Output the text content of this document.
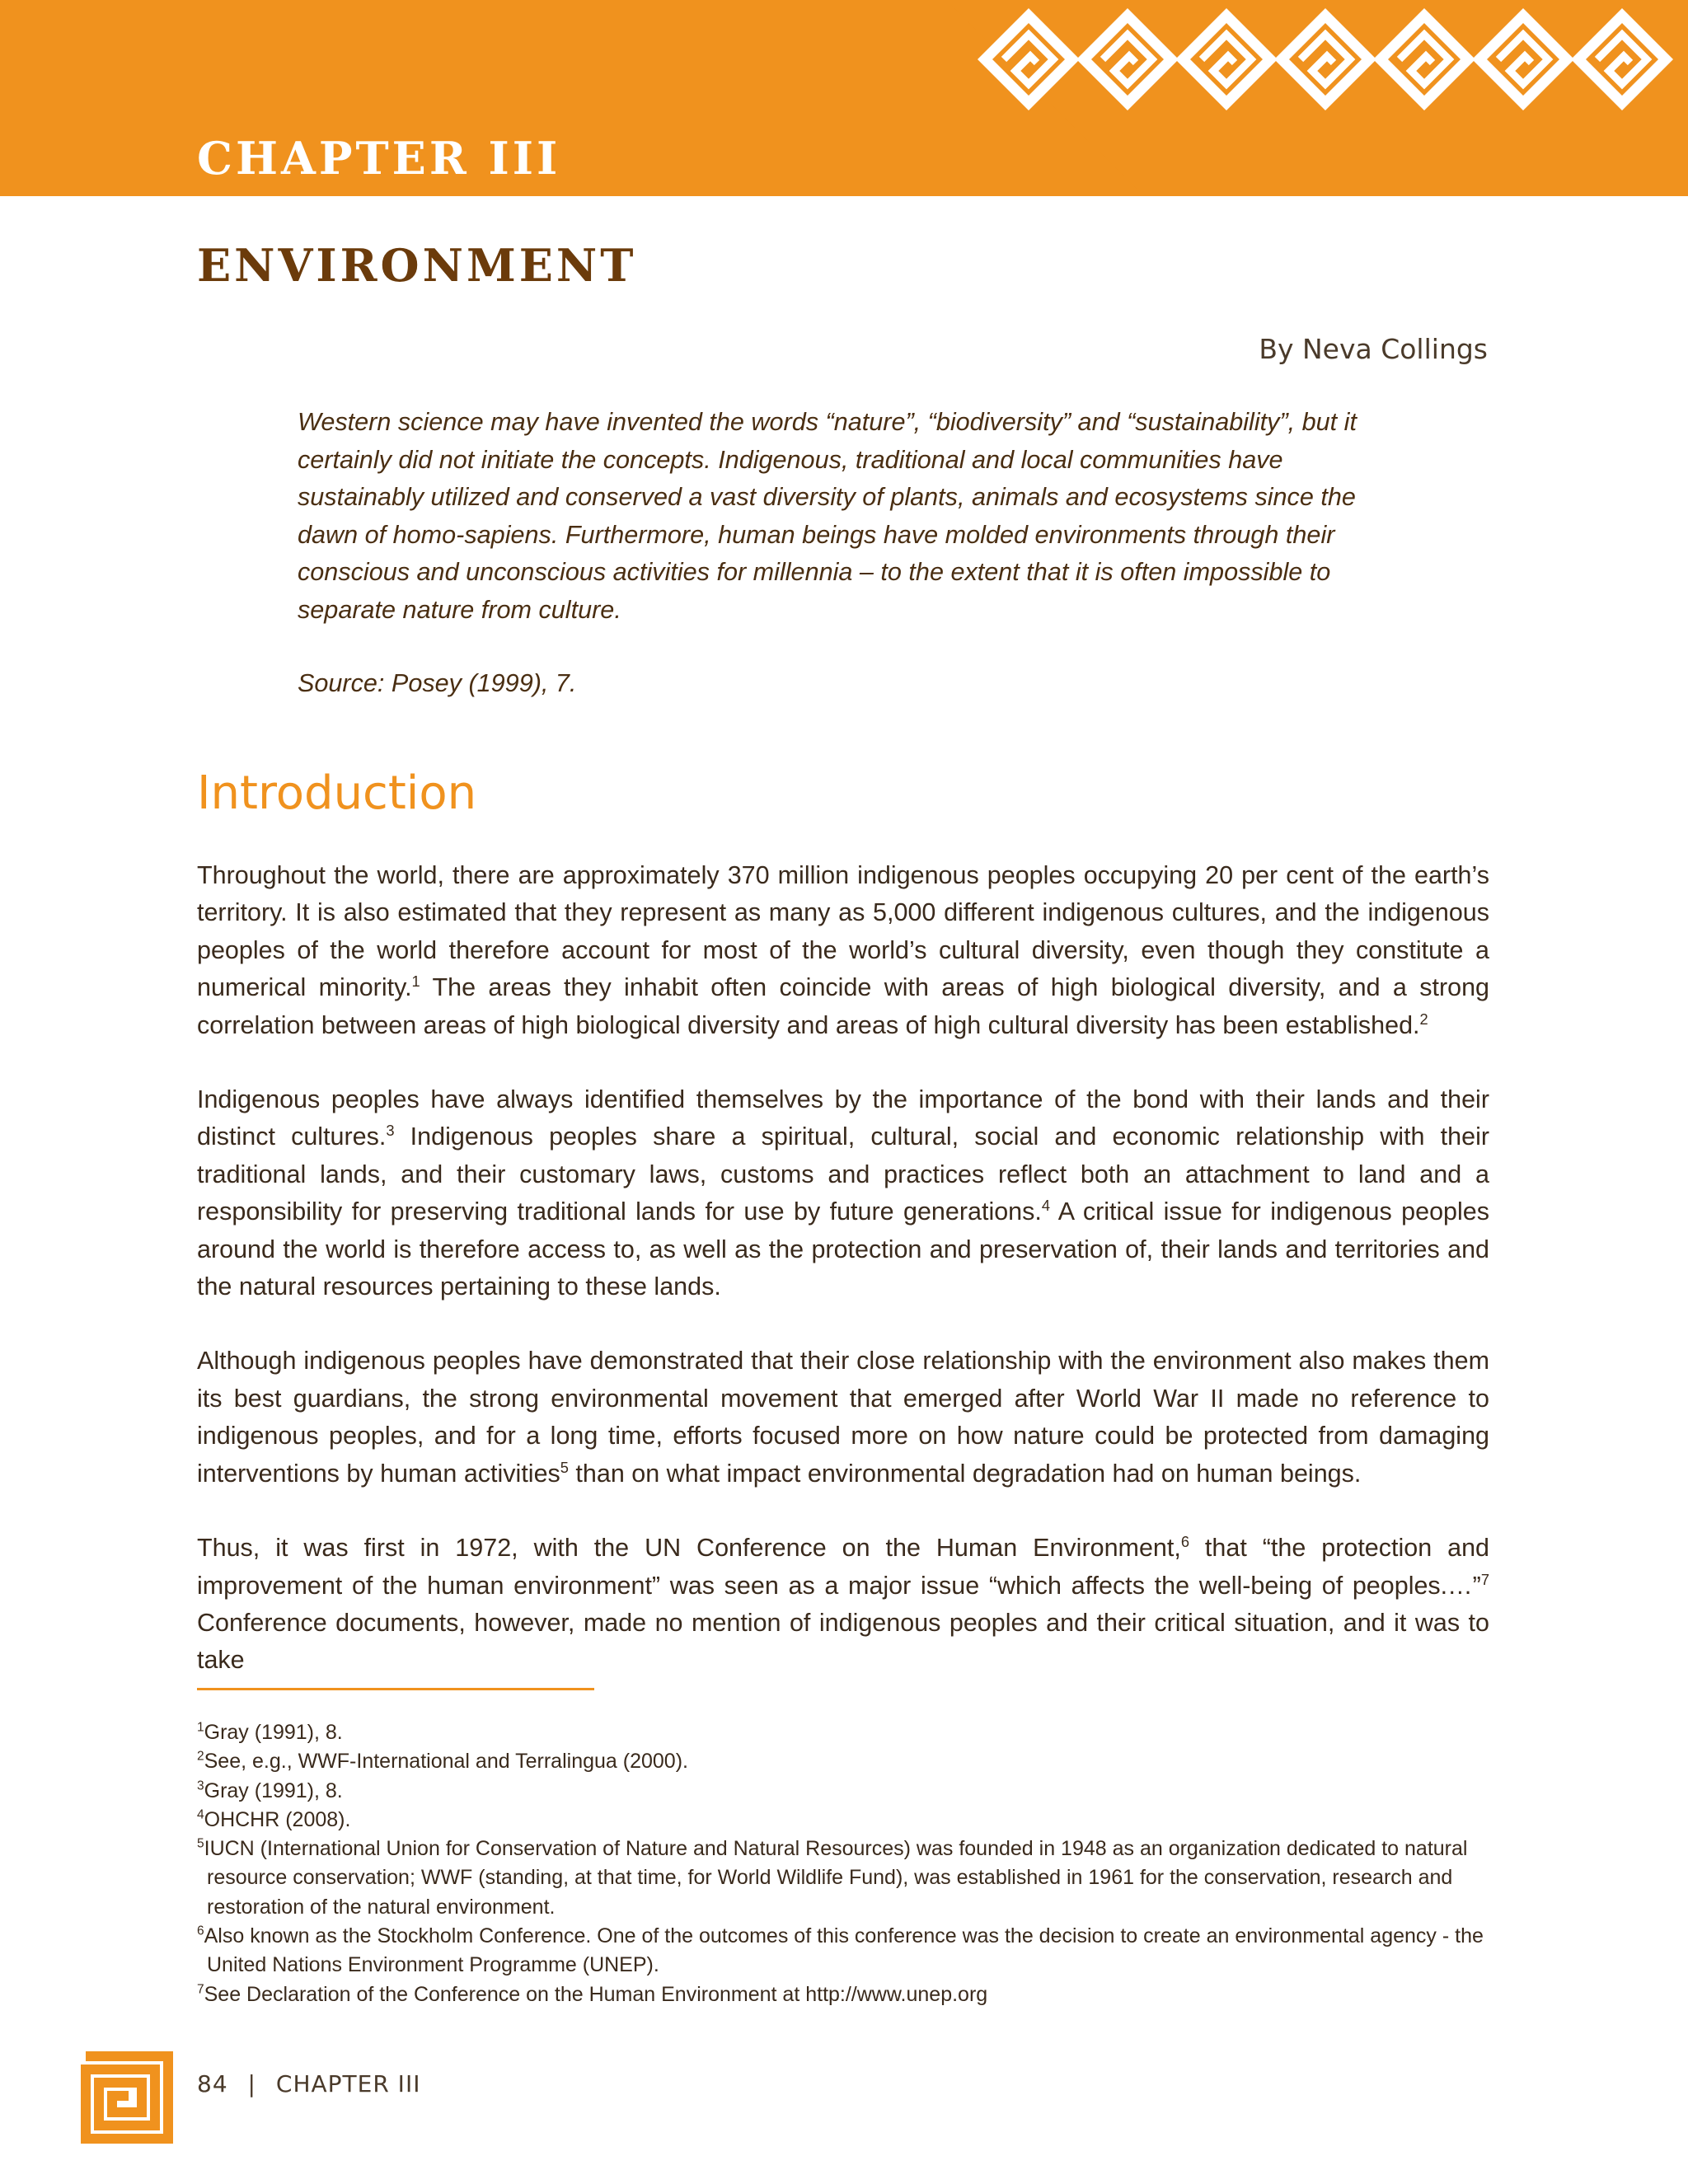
CHAPTER III
ENVIRONMENT
By Neva Collings
Western science may have invented the words “nature”, “biodiversity” and “sustainability”, but it certainly did not initiate the concepts. Indigenous, traditional and local communities have sustainably utilized and conserved a vast diversity of plants, animals and ecosystems since the dawn of homo-sapiens. Furthermore, human beings have molded environments through their conscious and unconscious activities for millennia – to the extent that it is often impossible to separate nature from culture.
Source: Posey (1999), 7.
Introduction

Throughout the world, there are approximately 370 million indigenous peoples occupying 20 per cent of the earth’s territory. It is also estimated that they represent as many as 5,000 different indigenous cultures, and the indigenous peoples of the world therefore account for most of the world’s cultural diversity, even though they constitute a numerical minority.$^1$ The areas they inhabit often coincide with areas of high biological diversity, and a strong correlation between areas of high biological diversity and areas of high cultural diversity has been established.$^2$

Indigenous peoples have always identified themselves by the importance of the bond with their lands and their distinct cultures.$^3$ Indigenous peoples share a spiritual, cultural, social and economic relationship with their traditional lands, and their customary laws, customs and practices reflect both an attachment to land and a responsibility for preserving traditional lands for use by future generations.$^4$ A critical issue for indigenous peoples around the world is therefore access to, as well as the protection and preservation of, their lands and territories and the natural resources pertaining to these lands.

Although indigenous peoples have demonstrated that their close relationship with the environment also makes them its best guardians, the strong environmental movement that emerged after World War II made no reference to indigenous peoples, and for a long time, efforts focused more on how nature could be protected from damaging interventions by human activities$^5$ than on what impact environmental degradation had on human beings.

Thus, it was first in 1972, with the UN Conference on the Human Environment,$^6$ that “the protection and improvement of the human environment” was seen as a major issue “which affects the well-being of peoples.…”$^7$ Conference documents, however, made no mention of indigenous peoples and their critical situation, and it was to take

$^1$Gray (1991), 8.
$^2$See, e.g., WWF-International and Terralingua (2000).
$^3$Gray (1991), 8.
$^4$OHCHR (2008).
$^5$IUCN (International Union for Conservation of Nature and Natural Resources) was founded in 1948 as an organization dedicated to natural resource conservation; WWF (standing, at that time, for World Wildlife Fund), was established in 1961 for the conservation, research and restoration of the natural environment.
$^6$Also known as the Stockholm Conference. One of the outcomes of this conference was the decision to create an environmental agency - the United Nations Environment Programme (UNEP).
$^7$See Declaration of the Conference on the Human Environment at http://www.unep.org
84 | CHAPTER III
